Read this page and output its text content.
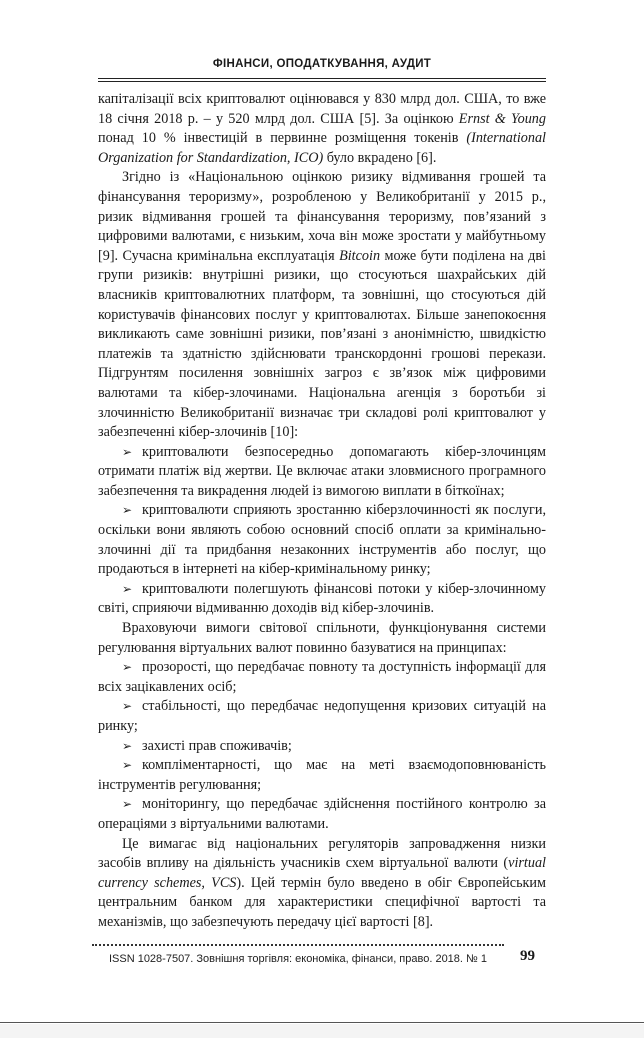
ФІНАНСИ, ОПОДАТКУВАННЯ, АУДИТ

капіталізації всіх криптовалют оцінювався у 830 млрд дол. США, то вже 18 січня 2018 р. – у 520 млрд дол. США [5]. За оцінкою Ernst & Young понад 10 % інвестицій в первинне розміщення токенів (International Organization for Standardization, ICO) було вкрадено [6].

Згідно із «Національною оцінкою ризику відмивання грошей та фінансування тероризму», розробленою у Великобританії у 2015 р., ризик відмивання грошей та фінансування тероризму, пов’язаний з цифровими валютами, є низьким, хоча він може зростати у майбутньому [9]. Сучасна кримінальна експлуатація Bitcoin може бути поділена на дві групи ризиків: внутрішні ризики, що стосуються шахрайських дій власників криптовалютних платформ, та зовнішні, що стосуються дій користувачів фінансових послуг у криптовалютах. Більше занепокоєння викликають саме зовнішні ризики, пов’язані з анонімністю, швидкістю платежів та здатністю здійснювати транскордонні грошові перекази. Підгрунтям посилення зовнішніх загроз є зв’язок між цифровими валютами та кібер-злочинами. Національна агенція з боротьби зі злочинністю Великобританії визначає три складові ролі криптовалют у забезпеченні кібер-злочинів [10]:

➢ криптовалюти безпосередньо допомагають кібер-злочинцям отримати платіж від жертви. Це включає атаки зловмисного програмного забезпечення та викрадення людей із вимогою виплати в біткоїнах;

➢ криптовалюти сприяють зростанню кіберзлочинності як послуги, оскільки вони являють собою основний спосіб оплати за кримінально-злочинні дії та придбання незаконних інструментів або послуг, що продаються в інтернеті на кібер-кримінальному ринку;

➢ криптовалюти полегшують фінансові потоки у кібер-злочинному світі, сприяючи відмиванню доходів від кібер-злочинів.

Враховуючи вимоги світової спільноти, функціонування системи регулювання віртуальних валют повинно базуватися на принципах:

➢ прозорості, що передбачає повноту та доступність інформації для всіх зацікавлених осіб;

➢ стабільності, що передбачає недопущення кризових ситуацій на ринку;

➢ захисті прав споживачів;

➢ компліментарності, що має на меті взаємодоповнюваність інструментів регулювання;

➢ моніторингу, що передбачає здійснення постійного контролю за операціями з віртуальними валютами.

Це вимагає від національних регуляторів запровадження низки засобів впливу на діяльність учасників схем віртуальної валюти (virtual currency schemes, VCS). Цей термін було введено в обіг Європейським центральним банком для характеристики специфічної вартості та механізмів, що забезпечують передачу цієї вартості [8].

ISSN 1028-7507. Зовнішня торгівля: економіка, фінанси, право. 2018. № 1	99
